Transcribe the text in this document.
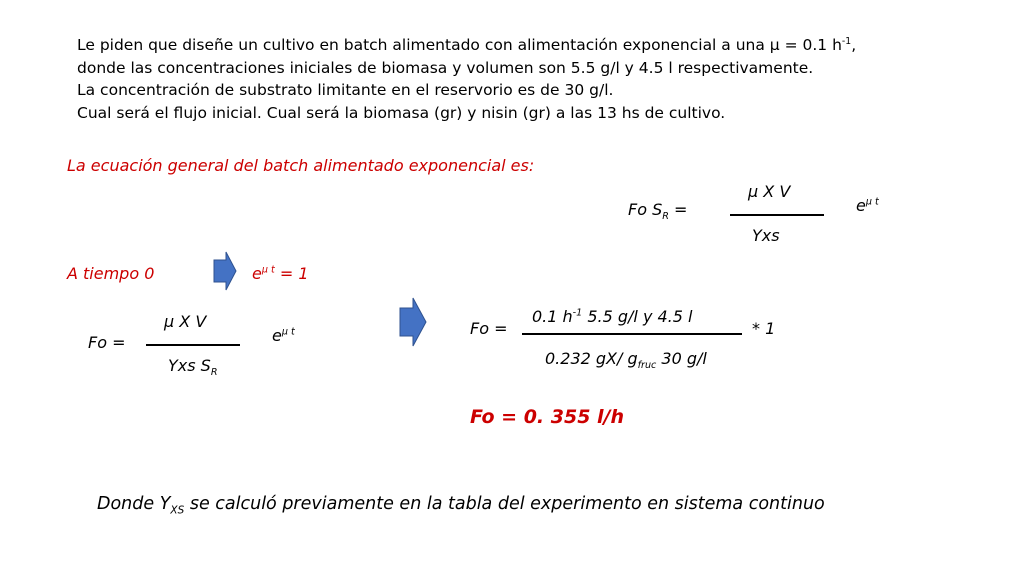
Le piden que diseñe un cultivo en batch alimentado con alimentación exponencial a una µ = 0.1 $h^{-1}$,
donde las concentraciones iniciales de biomasa y volumen son 5.5 g/l y 4.5 l respectivamente.
La concentración de substrato limitante en el reservorio es de 30 g/l.
Cual será el flujo inicial. Cual será la biomasa (gr) y nisin (gr) a las 13 hs de cultivo.
La ecuación general del batch alimentado exponencial es:
Fo $S_R$ =
µ X V
Yxs
$e^{\mu t}$
A tiempo 0	$e^{\mu t} = 1$
Fo =
µ X V
Yxs $S_R$
$e^{\mu t}$	Fo =
0.1 $h^{-1}$ 5.5 g/l y 4.5 l
0.232 gX/ $g_{fruc}$ 30 g/l
* 1
Fo = 0. 355 l/h
Donde $Y_{XS}$ se calculó previamente en la tabla del experimento en sistema continuo
